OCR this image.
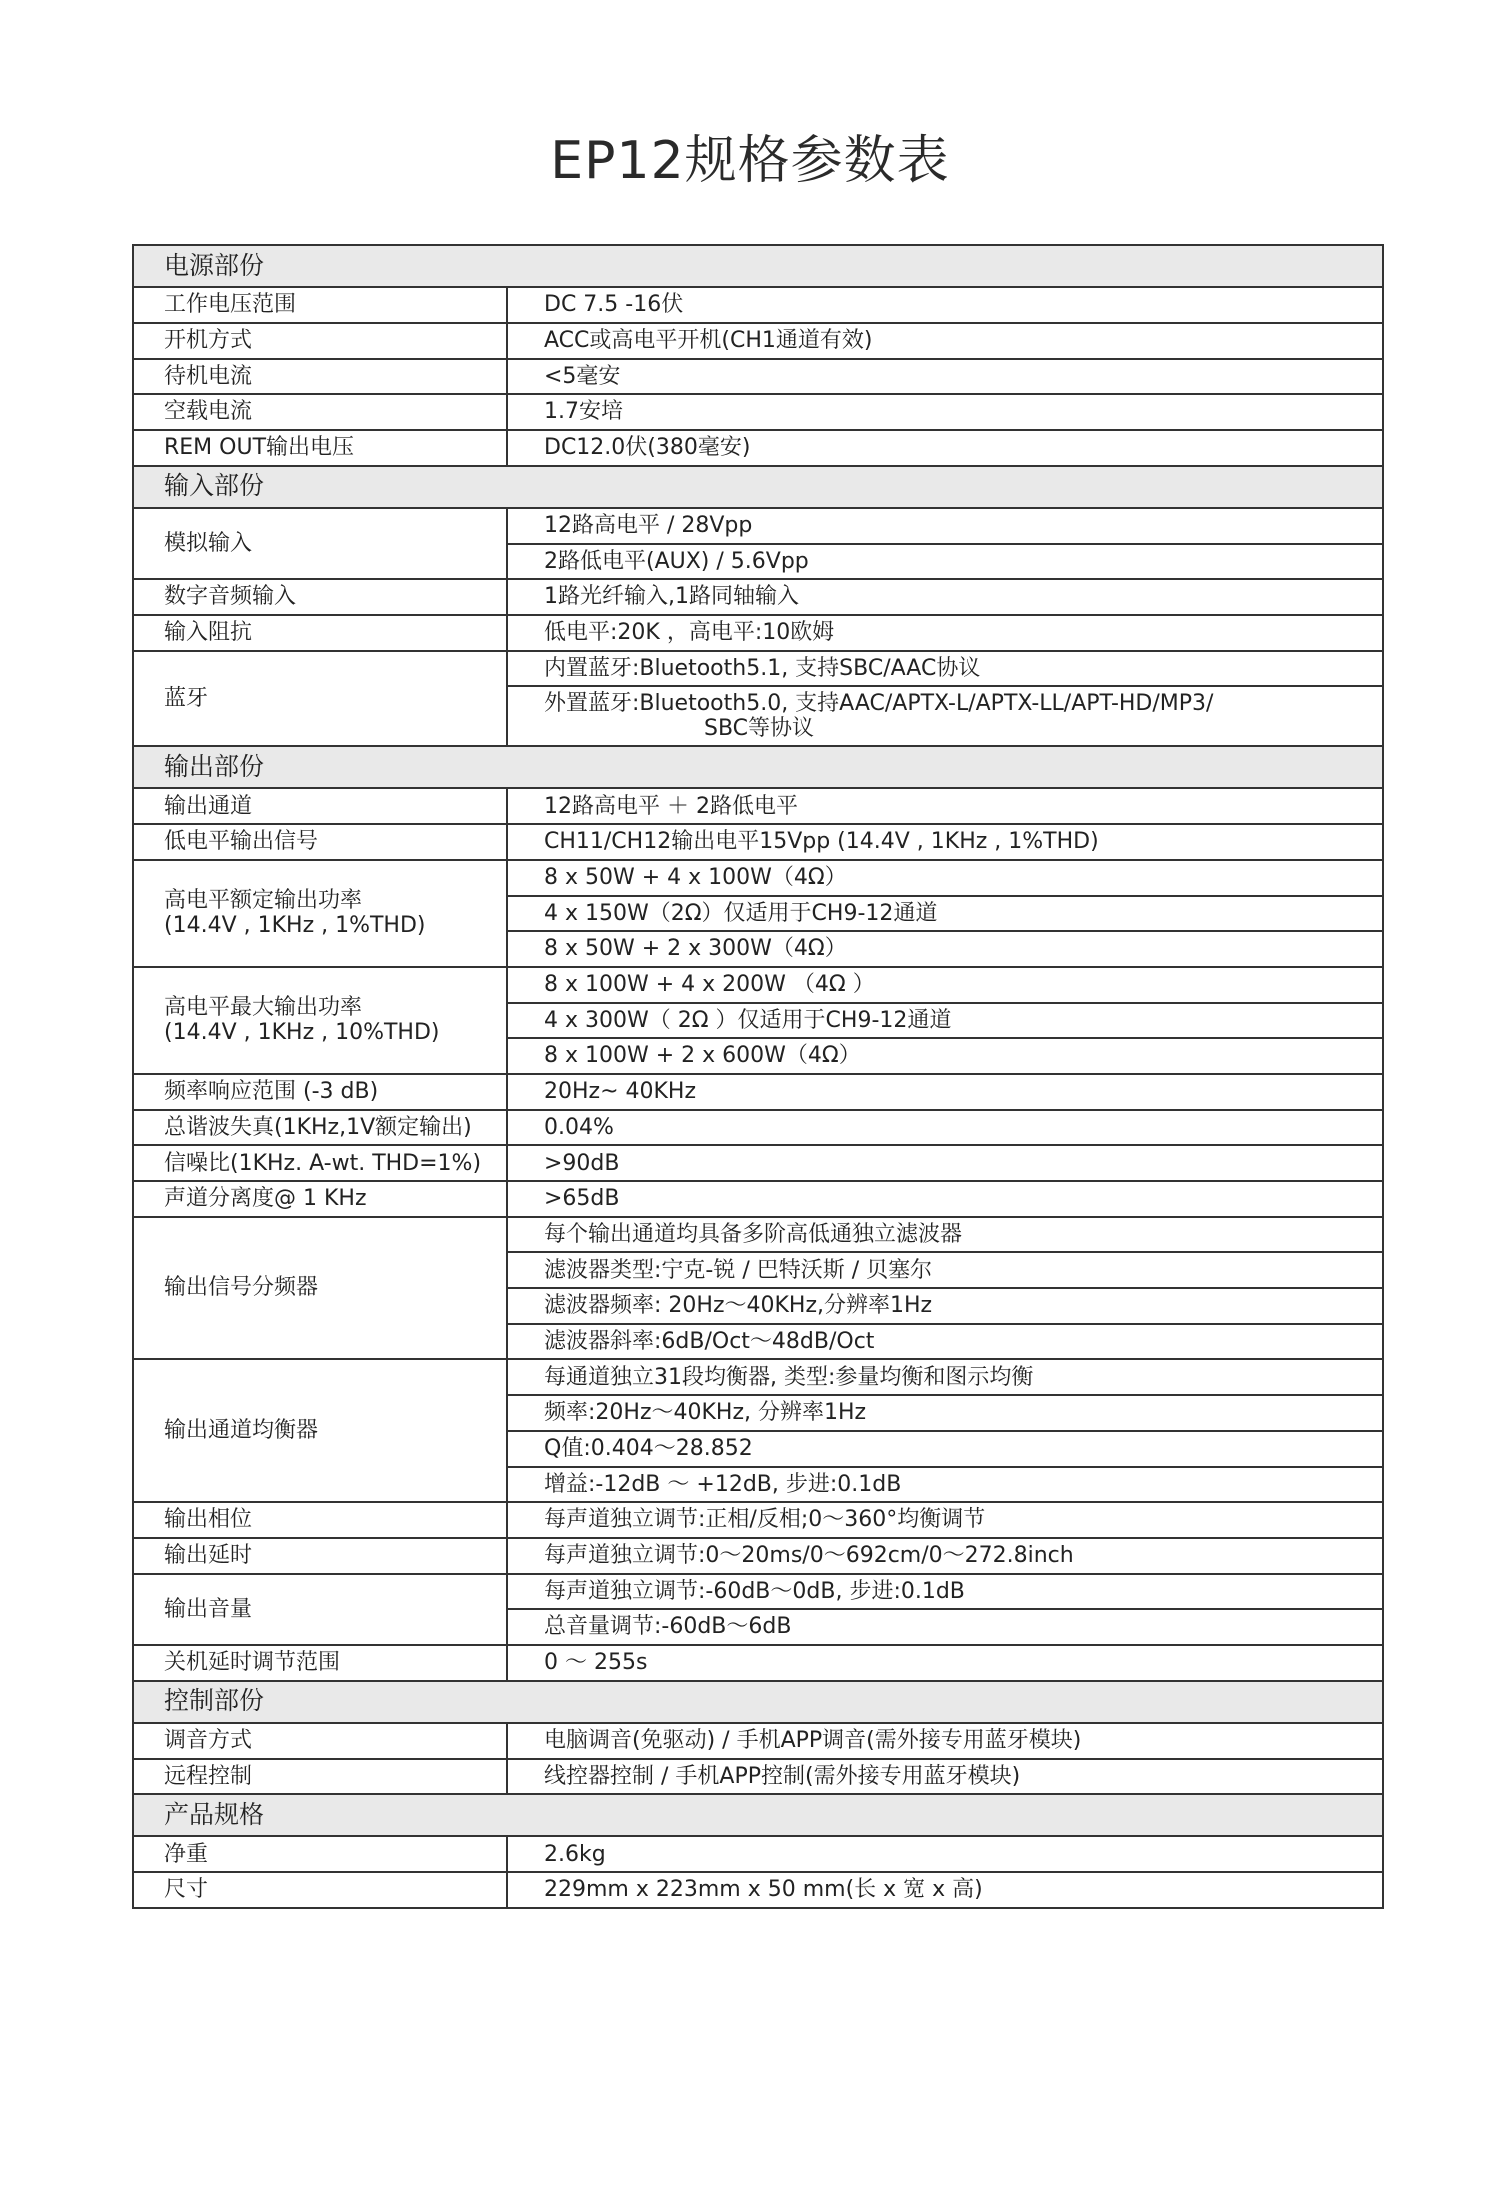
EP12规格参数表
电源部份	
工作电压范围	DC 7.5 -16伏
开机方式	ACC或高电平开机(CH1通道有效)
待机电流	<5毫安
空载电流	1.7安培
REM OUT输出电压	DC12.0伏(380毫安)
输入部份	
模拟输入	12路高电平 / 28Vpp
	2路低电平(AUX) / 5.6Vpp
数字音频输入	1路光纤输入,1路同轴输入
输入阻抗	低电平:20K ，高电平:10欧姆
蓝牙	内置蓝牙:Bluetooth5.1, 支持SBC/AAC协议
	外置蓝牙:Bluetooth5.0, 支持AAC/APTX-L/APTX-LL/APT-HD/MP3/
SBC等协议

输出部份	
输出通道	12路高电平 ＋ 2路低电平
低电平输出信号	CH11/CH12输出电平15Vpp (14.4V , 1KHz , 1%THD)
高电平额定输出功率
(14.4V , 1KHz , 1%THD)	8 x 50W + 4 x 100W（4Ω）
	4 x 150W（2Ω）仅适用于CH9-12通道
	8 x 50W + 2 x 300W（4Ω）
高电平最大输出功率
(14.4V , 1KHz , 10%THD)	8 x 100W + 4 x 200W （4Ω ）
	4 x 300W（ 2Ω ）仅适用于CH9-12通道
	8 x 100W + 2 x 600W（4Ω）
频率响应范围 (-3 dB)	20Hz~ 40KHz
总谐波失真(1KHz,1V额定输出)	0.04%
信噪比(1KHz. A-wt. THD=1%)	>90dB
声道分离度@ 1 KHz	>65dB
输出信号分频器	每个输出通道均具备多阶高低通独立滤波器
	滤波器类型:宁克-锐 / 巴特沃斯 / 贝塞尔
	滤波器频率: 20Hz～40KHz,分辨率1Hz
	滤波器斜率:6dB/Oct～48dB/Oct
输出通道均衡器	每通道独立31段均衡器, 类型:参量均衡和图示均衡
	频率:20Hz～40KHz, 分辨率1Hz
	Q值:0.404～28.852
	增益:-12dB ～ +12dB, 步进:0.1dB
输出相位	每声道独立调节:正相/反相;0～360°均衡调节
输出延时	每声道独立调节:0～20ms/0～692cm/0～272.8inch
输出音量	每声道独立调节:-60dB～0dB, 步进:0.1dB
	总音量调节:-60dB～6dB
关机延时调节范围	0 ～ 255s
控制部份	
调音方式	电脑调音(免驱动) / 手机APP调音(需外接专用蓝牙模块)
远程控制	线控器控制 / 手机APP控制(需外接专用蓝牙模块)
产品规格	
净重	2.6kg
尺寸	229mm x 223mm x 50 mm(长 x 宽 x 高)
